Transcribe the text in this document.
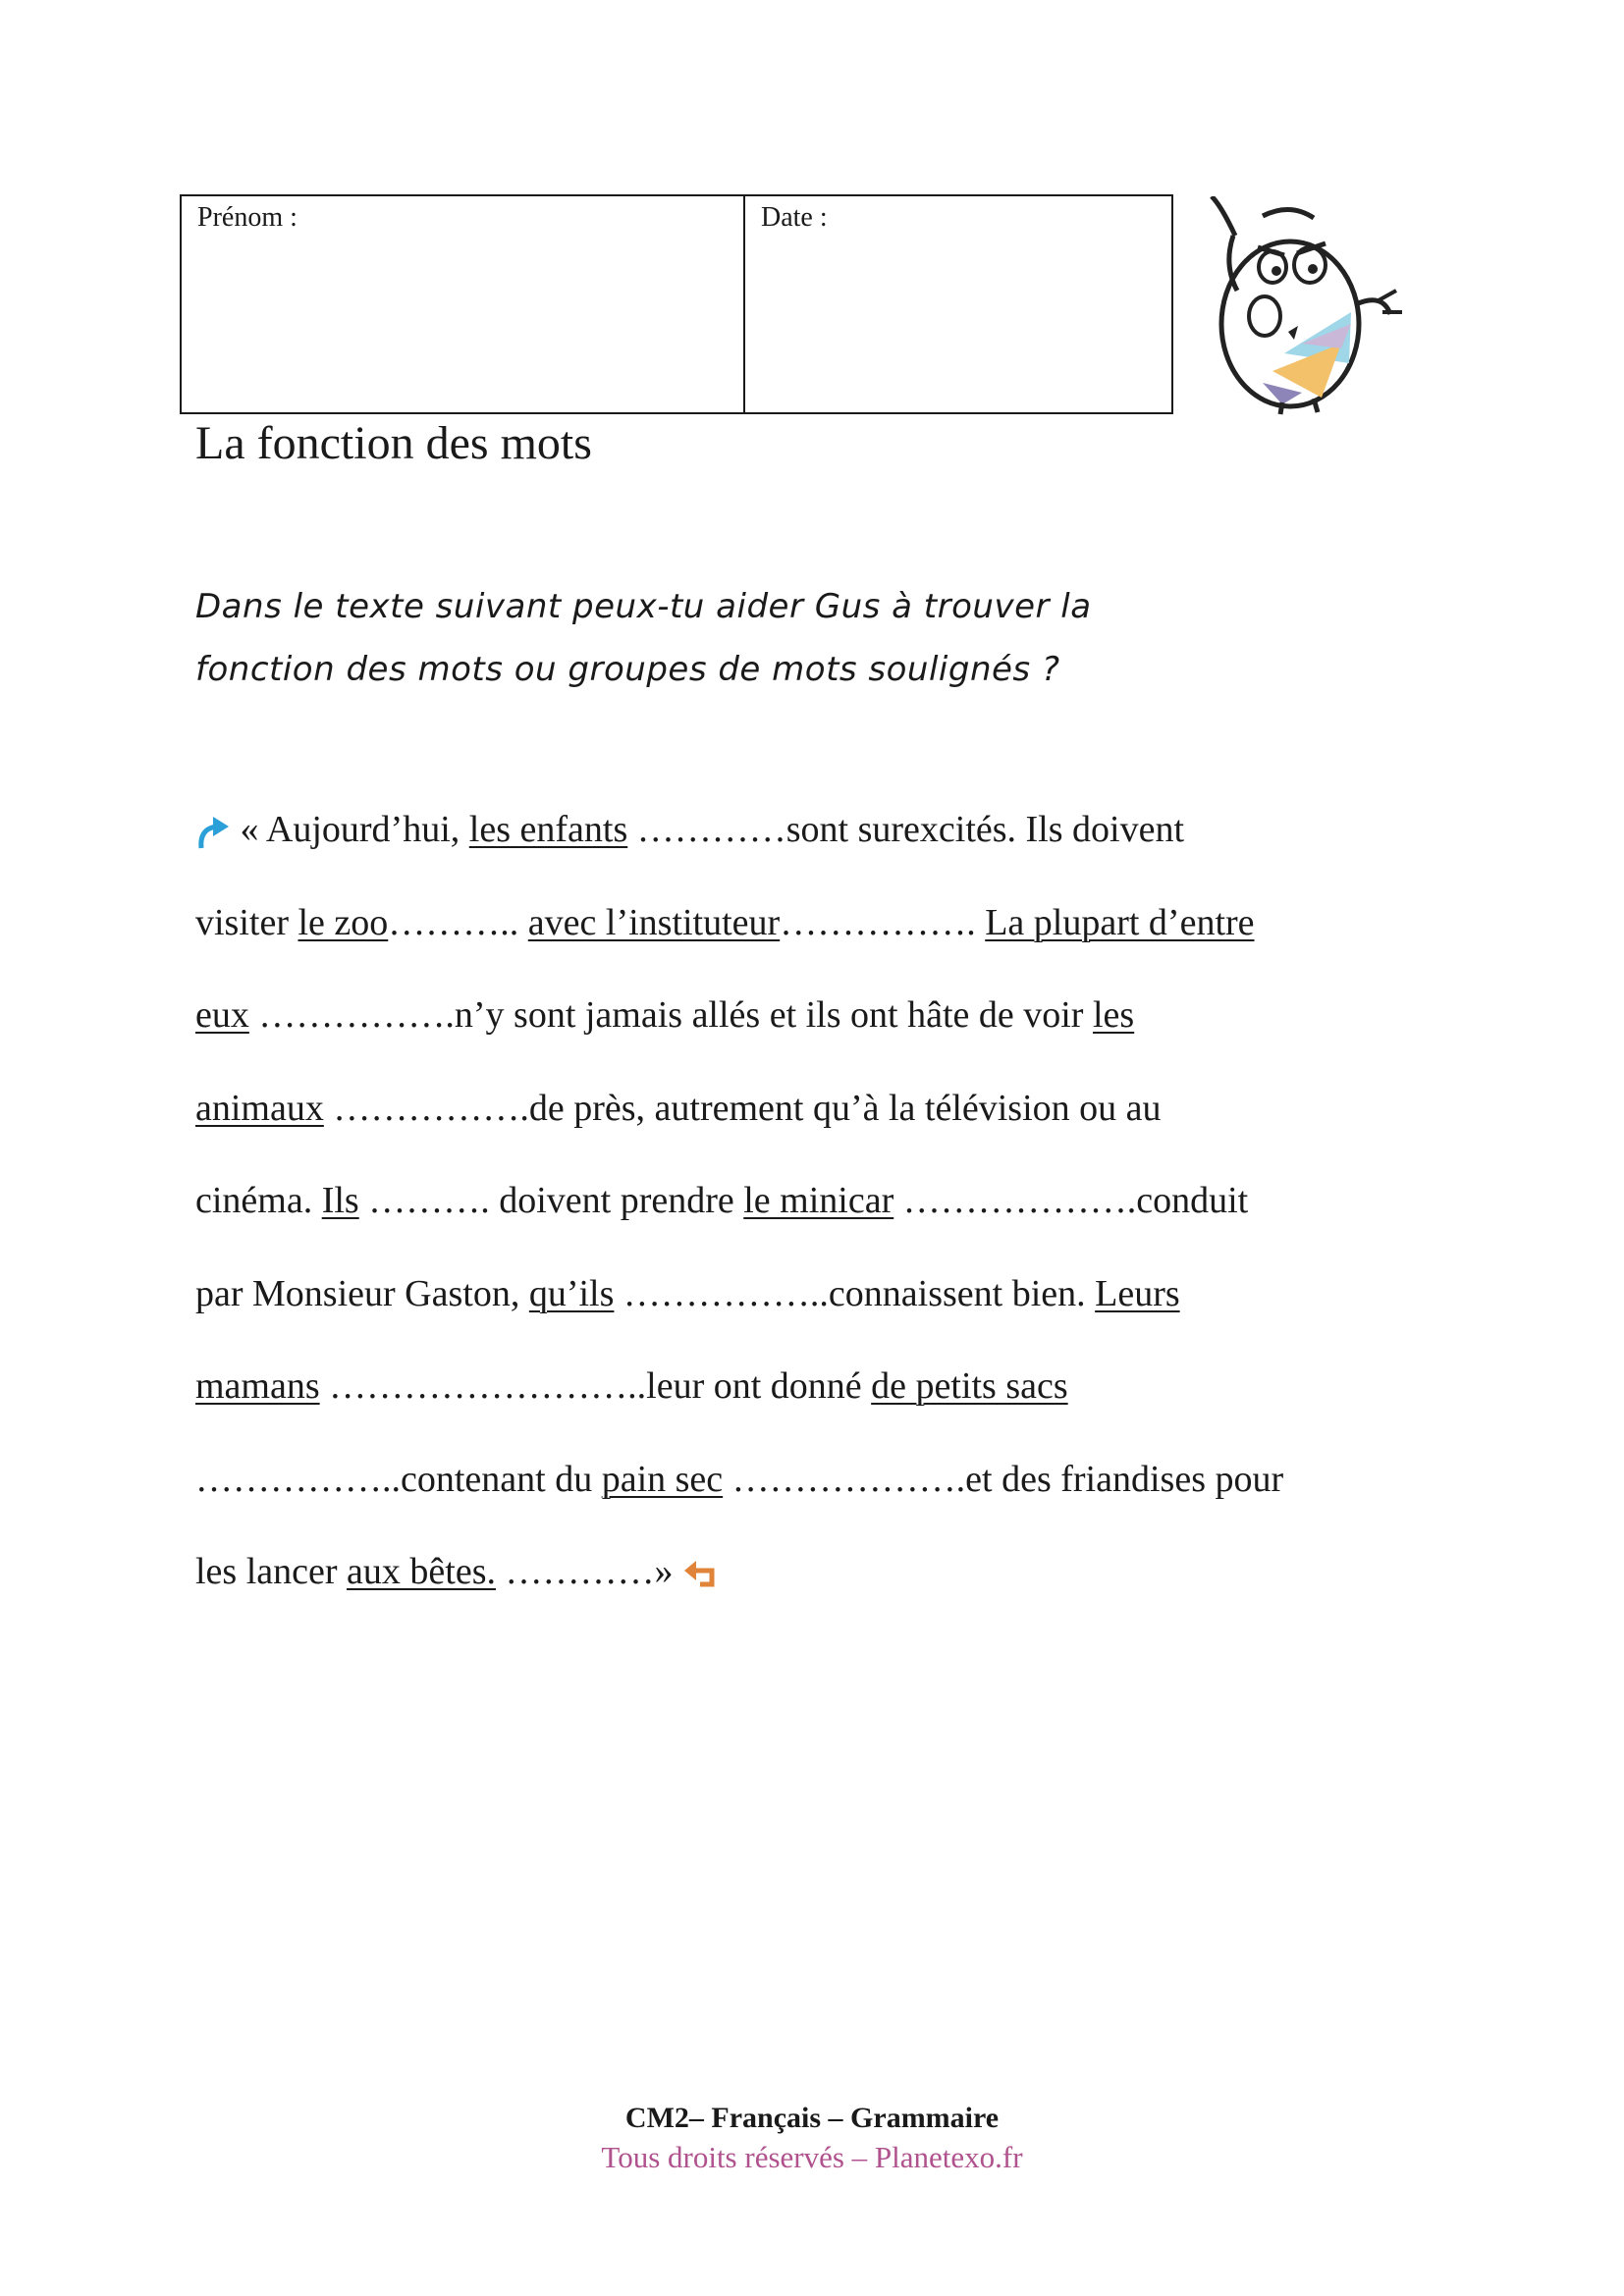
Prénom :	Date :
La fonction des mots
Dans le texte suivant peux-tu aider Gus à trouver la
fonction des mots ou groupes de mots soulignés ?
« Aujourd’hui, les enfants …………sont surexcités. Ils doivent
visiter le zoo……….. avec l’instituteur……………. La plupart d’entre
eux …………….n’y sont jamais allés et ils ont hâte de voir les
animaux …………….de près, autrement qu’à la télévision ou au
cinéma. Ils ………. doivent prendre le minicar ……………….conduit
par Monsieur Gaston, qu’ils ……………..connaissent bien. Leurs
mamans ……………………..leur ont donné de petits sacs
……………..contenant du pain sec ……………….et des friandises pour
les lancer aux bêtes. …………»

CM2– Français – Grammaire

Tous droits réservés – Planetexo.fr
